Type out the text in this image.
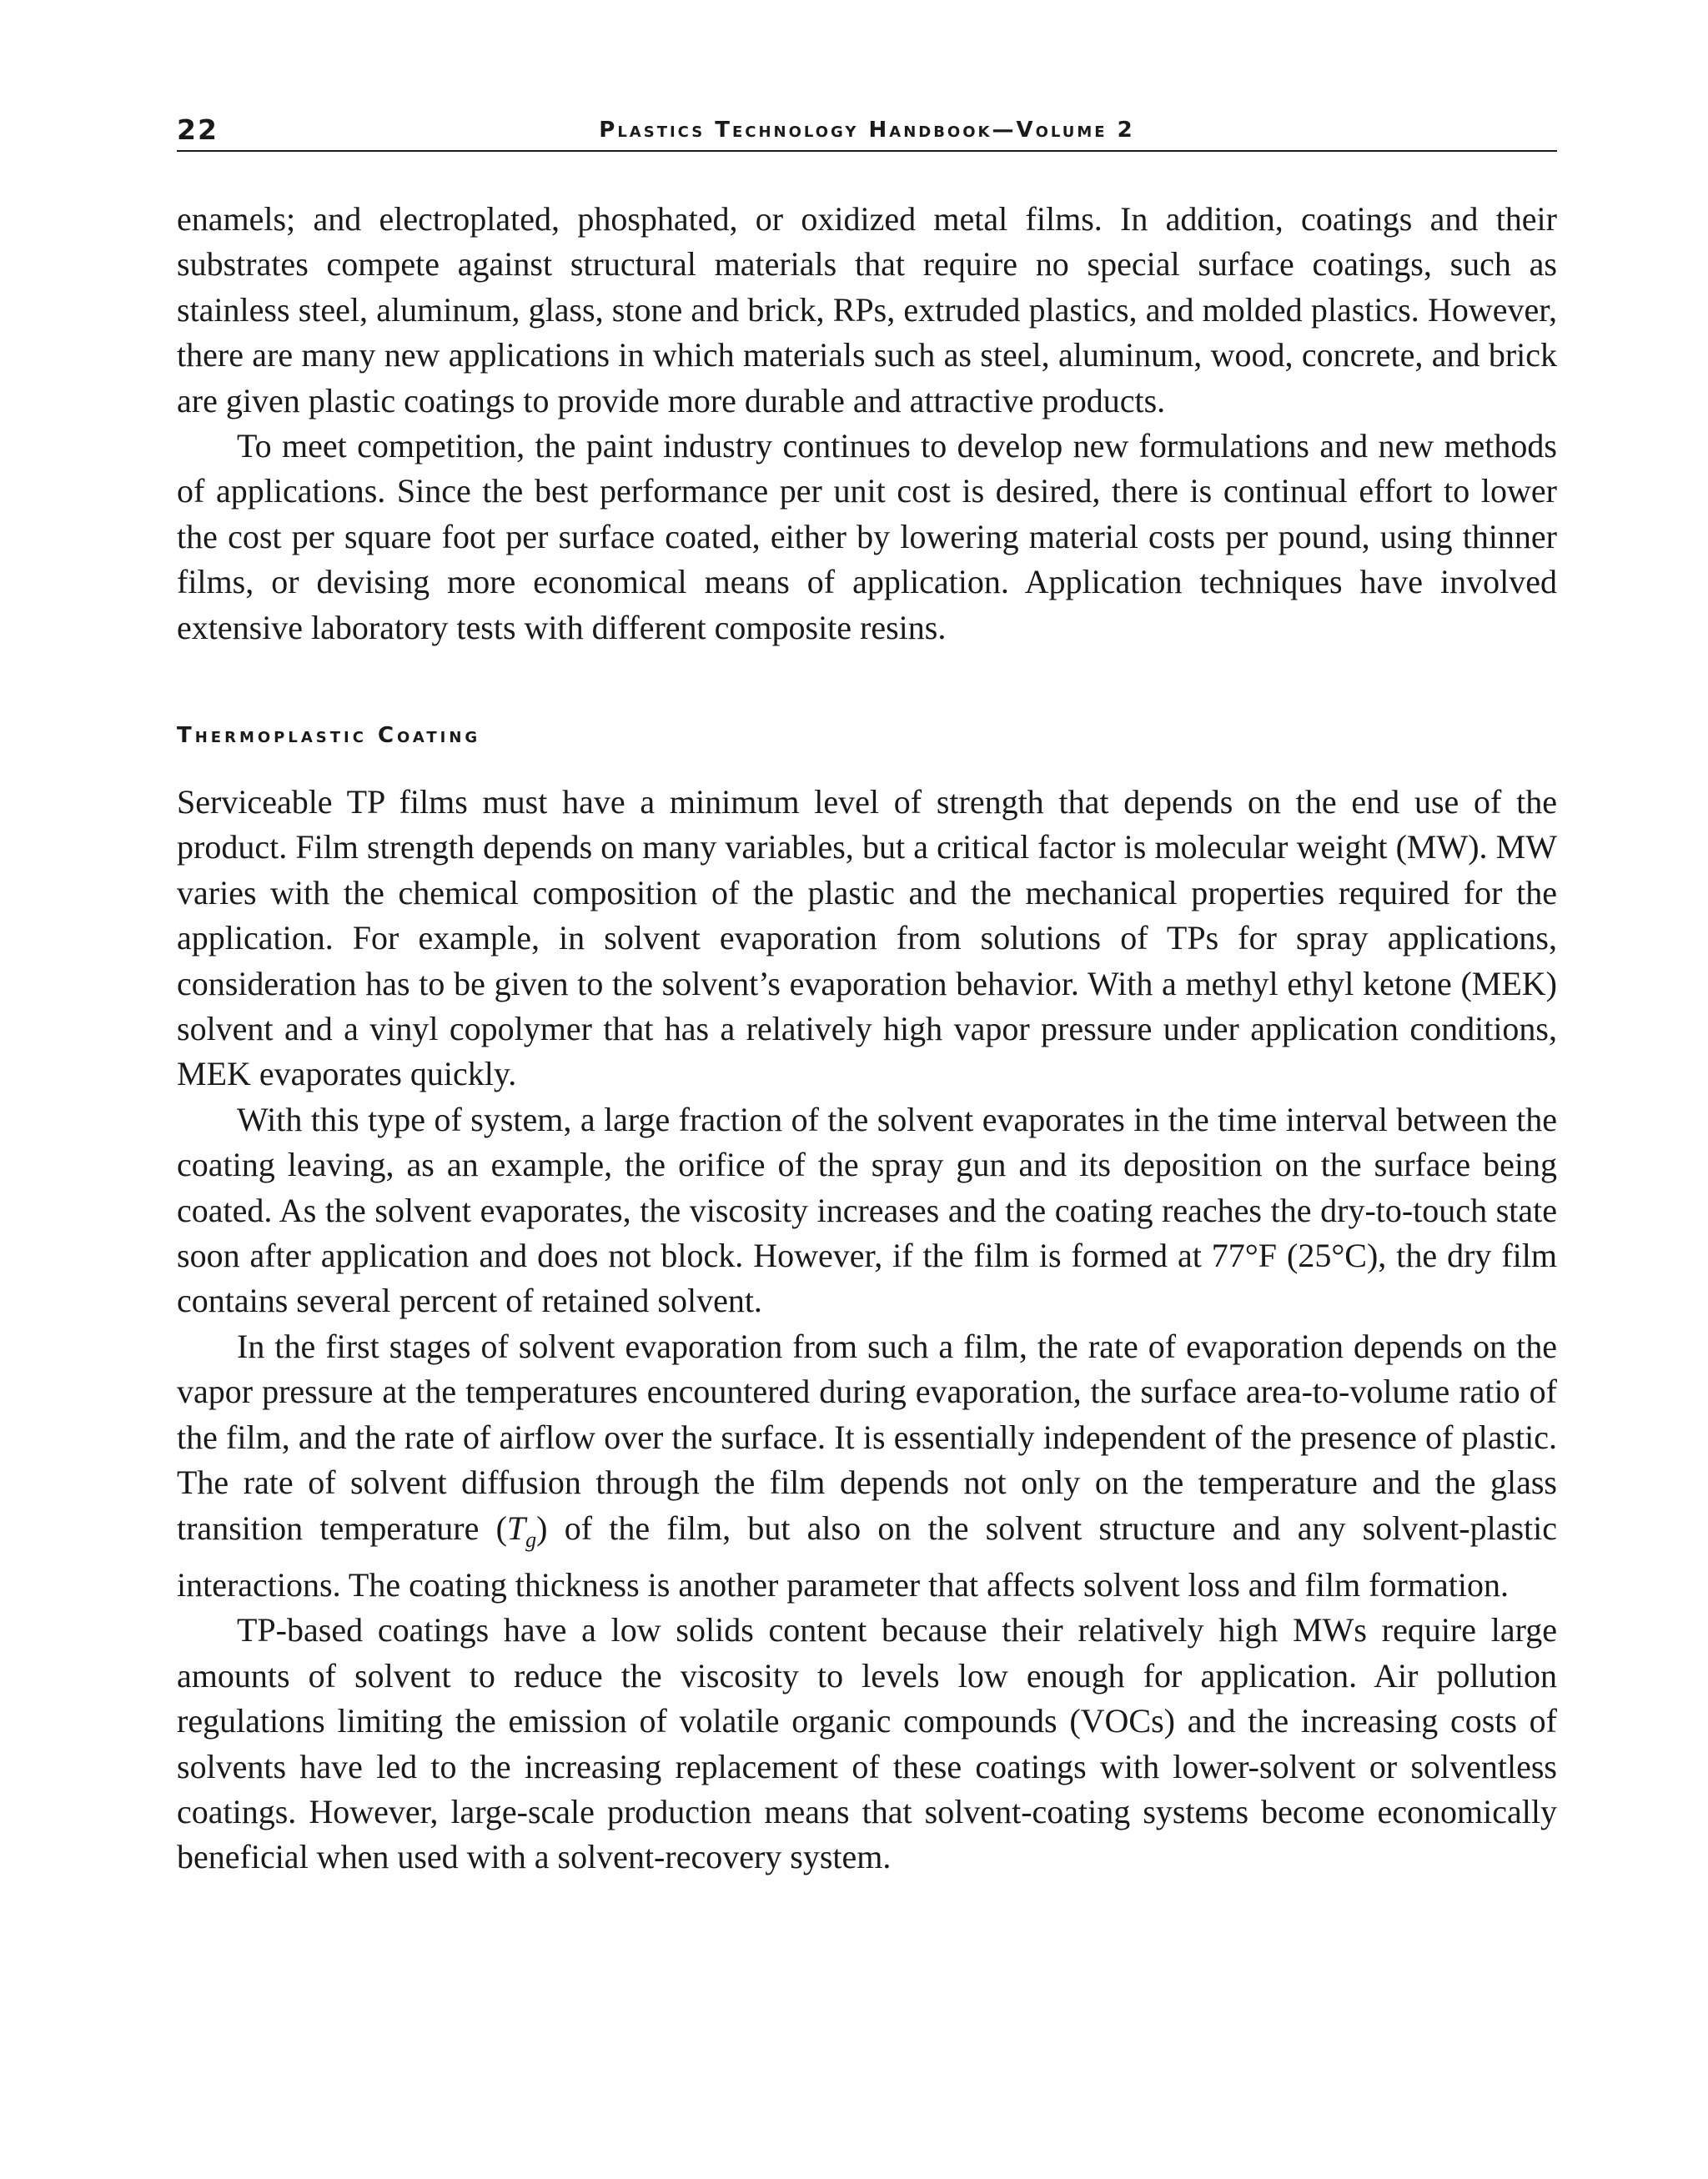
22	Plastics Technology Handbook—Volume 2

enamels; and electroplated, phosphated, or oxidized metal films. In addition, coatings and their substrates compete against structural materials that require no special surface coatings, such as stainless steel, aluminum, glass, stone and brick, RPs, extruded plastics, and molded plastics. However, there are many new applications in which materials such as steel, aluminum, wood, concrete, and brick are given plastic coatings to provide more durable and attractive products.

To meet competition, the paint industry continues to develop new formulations and new methods of applications. Since the best performance per unit cost is desired, there is continual effort to lower the cost per square foot per surface coated, either by lowering material costs per pound, using thinner films, or devising more economical means of application. Application techniques have involved extensive laboratory tests with different composite resins.

Thermoplastic Coating

Serviceable TP films must have a minimum level of strength that depends on the end use of the product. Film strength depends on many variables, but a critical factor is molecular weight (MW). MW varies with the chemical composition of the plastic and the mechanical properties required for the application. For example, in solvent evaporation from solutions of TPs for spray applications, consideration has to be given to the solvent’s evaporation behavior. With a methyl ethyl ketone (MEK) solvent and a vinyl copolymer that has a relatively high vapor pressure under application conditions, MEK evaporates quickly.

With this type of system, a large fraction of the solvent evaporates in the time interval between the coating leaving, as an example, the orifice of the spray gun and its deposition on the surface being coated. As the solvent evaporates, the viscosity increases and the coating reaches the dry-to-touch state soon after application and does not block. However, if the film is formed at 77°F (25°C), the dry film contains several percent of retained solvent.

In the first stages of solvent evaporation from such a film, the rate of evaporation depends on the vapor pressure at the temperatures encountered during evaporation, the surface area-to-volume ratio of the film, and the rate of airflow over the surface. It is essentially independent of the presence of plastic. The rate of solvent diffusion through the film depends not only on the temperature and the glass transition temperature $(T_g)$ of the film, but also on the solvent structure and any solvent-plastic interactions. The coating thickness is another parameter that affects solvent loss and film formation.

TP-based coatings have a low solids content because their relatively high MWs require large amounts of solvent to reduce the viscosity to levels low enough for application. Air pollution regulations limiting the emission of volatile organic compounds (VOCs) and the increasing costs of solvents have led to the increasing replacement of these coatings with lower-solvent or solventless coatings. However, large-scale production means that solvent-coating systems become economically beneficial when used with a solvent-recovery system.
